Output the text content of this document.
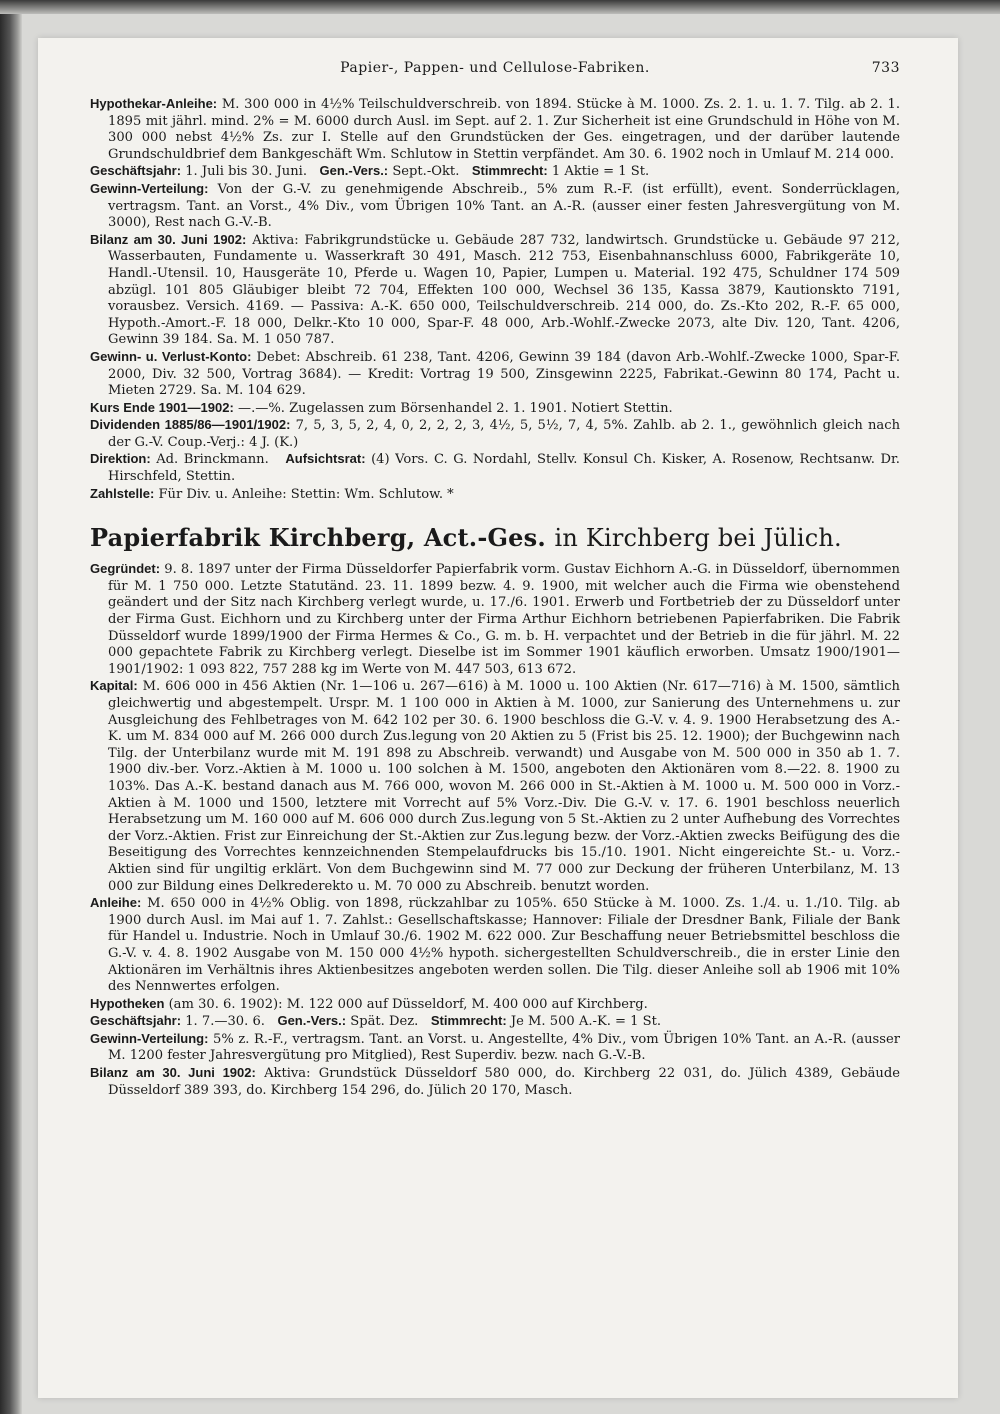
Papier-, Pappen- und Cellulose-Fabriken.	733

Hypothekar-Anleihe: M. 300 000 in 4½% Teilschuldverschreib. von 1894. Stücke à M. 1000. Zs. 2. 1. u. 1. 7. Tilg. ab 2. 1. 1895 mit jährl. mind. 2% = M. 6000 durch Ausl. im Sept. auf 2. 1. Zur Sicherheit ist eine Grundschuld in Höhe von M. 300 000 nebst 4½% Zs. zur I. Stelle auf den Grundstücken der Ges. eingetragen, und der darüber lautende Grundschuldbrief dem Bankgeschäft Wm. Schlutow in Stettin verpfändet. Am 30. 6. 1902 noch in Umlauf M. 214 000.

Geschäftsjahr: 1. Juli bis 30. Juni. Gen.-Vers.: Sept.-Okt. Stimmrecht: 1 Aktie = 1 St.

Gewinn-Verteilung: Von der G.-V. zu genehmigende Abschreib., 5% zum R.-F. (ist erfüllt), event. Sonderrücklagen, vertragsm. Tant. an Vorst., 4% Div., vom Übrigen 10% Tant. an A.-R. (ausser einer festen Jahresvergütung von M. 3000), Rest nach G.-V.-B.

Bilanz am 30. Juni 1902: Aktiva: Fabrikgrundstücke u. Gebäude 287 732, landwirtsch. Grundstücke u. Gebäude 97 212, Wasserbauten, Fundamente u. Wasserkraft 30 491, Masch. 212 753, Eisenbahnanschluss 6000, Fabrikgeräte 10, Handl.-Utensil. 10, Hausgeräte 10, Pferde u. Wagen 10, Papier, Lumpen u. Material. 192 475, Schuldner 174 509 abzügl. 101 805 Gläubiger bleibt 72 704, Effekten 100 000, Wechsel 36 135, Kassa 3879, Kautionskto 7191, vorausbez. Versich. 4169. — Passiva: A.-K. 650 000, Teilschuldverschreib. 214 000, do. Zs.-Kto 202, R.-F. 65 000, Hypoth.-Amort.-F. 18 000, Delkr.-Kto 10 000, Spar-F. 48 000, Arb.-Wohlf.-Zwecke 2073, alte Div. 120, Tant. 4206, Gewinn 39 184. Sa. M. 1 050 787.

Gewinn- u. Verlust-Konto: Debet: Abschreib. 61 238, Tant. 4206, Gewinn 39 184 (davon Arb.-Wohlf.-Zwecke 1000, Spar-F. 2000, Div. 32 500, Vortrag 3684). — Kredit: Vortrag 19 500, Zinsgewinn 2225, Fabrikat.-Gewinn 80 174, Pacht u. Mieten 2729. Sa. M. 104 629.

Kurs Ende 1901—1902: —.—%. Zugelassen zum Börsenhandel 2. 1. 1901. Notiert Stettin.

Dividenden 1885/86—1901/1902: 7, 5, 3, 5, 2, 4, 0, 2, 2, 2, 3, 4½, 5, 5½, 7, 4, 5%. Zahlb. ab 2. 1., gewöhnlich gleich nach der G.-V. Coup.-Verj.: 4 J. (K.)

Direktion: Ad. Brinckmann. Aufsichtsrat: (4) Vors. C. G. Nordahl, Stellv. Konsul Ch. Kisker, A. Rosenow, Rechtsanw. Dr. Hirschfeld, Stettin.

Zahlstelle: Für Div. u. Anleihe: Stettin: Wm. Schlutow. *

Papierfabrik Kirchberg, Act.-Ges. in Kirchberg bei Jülich.

Gegründet: 9. 8. 1897 unter der Firma Düsseldorfer Papierfabrik vorm. Gustav Eichhorn A.-G. in Düsseldorf, übernommen für M. 1 750 000. Letzte Statutänd. 23. 11. 1899 bezw. 4. 9. 1900, mit welcher auch die Firma wie obenstehend geändert und der Sitz nach Kirchberg verlegt wurde, u. 17./6. 1901. Erwerb und Fortbetrieb der zu Düsseldorf unter der Firma Gust. Eichhorn und zu Kirchberg unter der Firma Arthur Eichhorn betriebenen Papierfabriken. Die Fabrik Düsseldorf wurde 1899/1900 der Firma Hermes & Co., G. m. b. H. verpachtet und der Betrieb in die für jährl. M. 22 000 gepachtete Fabrik zu Kirchberg verlegt. Dieselbe ist im Sommer 1901 käuflich erworben. Umsatz 1900/1901—1901/1902: 1 093 822, 757 288 kg im Werte von M. 447 503, 613 672.

Kapital: M. 606 000 in 456 Aktien (Nr. 1—106 u. 267—616) à M. 1000 u. 100 Aktien (Nr. 617—716) à M. 1500, sämtlich gleichwertig und abgestempelt. Urspr. M. 1 100 000 in Aktien à M. 1000, zur Sanierung des Unternehmens u. zur Ausgleichung des Fehlbetrages von M. 642 102 per 30. 6. 1900 beschloss die G.-V. v. 4. 9. 1900 Herabsetzung des A.-K. um M. 834 000 auf M. 266 000 durch Zus.legung von 20 Aktien zu 5 (Frist bis 25. 12. 1900); der Buchgewinn nach Tilg. der Unterbilanz wurde mit M. 191 898 zu Abschreib. verwandt) und Ausgabe von M. 500 000 in 350 ab 1. 7. 1900 div.-ber. Vorz.-Aktien à M. 1000 u. 100 solchen à M. 1500, angeboten den Aktionären vom 8.—22. 8. 1900 zu 103%. Das A.-K. bestand danach aus M. 766 000, wovon M. 266 000 in St.-Aktien à M. 1000 u. M. 500 000 in Vorz.-Aktien à M. 1000 und 1500, letztere mit Vorrecht auf 5% Vorz.-Div. Die G.-V. v. 17. 6. 1901 beschloss neuerlich Herabsetzung um M. 160 000 auf M. 606 000 durch Zus.legung von 5 St.-Aktien zu 2 unter Aufhebung des Vorrechtes der Vorz.-Aktien. Frist zur Einreichung der St.-Aktien zur Zus.legung bezw. der Vorz.-Aktien zwecks Beifügung des die Beseitigung des Vorrechtes kennzeichnenden Stempelaufdrucks bis 15./10. 1901. Nicht eingereichte St.- u. Vorz.-Aktien sind für ungiltig erklärt. Von dem Buchgewinn sind M. 77 000 zur Deckung der früheren Unterbilanz, M. 13 000 zur Bildung eines Delkrederekto u. M. 70 000 zu Abschreib. benutzt worden.

Anleihe: M. 650 000 in 4½% Oblig. von 1898, rückzahlbar zu 105%. 650 Stücke à M. 1000. Zs. 1./4. u. 1./10. Tilg. ab 1900 durch Ausl. im Mai auf 1. 7. Zahlst.: Gesellschaftskasse; Hannover: Filiale der Dresdner Bank, Filiale der Bank für Handel u. Industrie. Noch in Umlauf 30./6. 1902 M. 622 000. Zur Beschaffung neuer Betriebsmittel beschloss die G.-V. v. 4. 8. 1902 Ausgabe von M. 150 000 4½% hypoth. sichergestellten Schuldverschreib., die in erster Linie den Aktionären im Verhältnis ihres Aktienbesitzes angeboten werden sollen. Die Tilg. dieser Anleihe soll ab 1906 mit 10% des Nennwertes erfolgen.

Hypotheken (am 30. 6. 1902): M. 122 000 auf Düsseldorf, M. 400 000 auf Kirchberg.

Geschäftsjahr: 1. 7.—30. 6. Gen.-Vers.: Spät. Dez. Stimmrecht: Je M. 500 A.-K. = 1 St.

Gewinn-Verteilung: 5% z. R.-F., vertragsm. Tant. an Vorst. u. Angestellte, 4% Div., vom Übrigen 10% Tant. an A.-R. (ausser M. 1200 fester Jahresvergütung pro Mitglied), Rest Superdiv. bezw. nach G.-V.-B.

Bilanz am 30. Juni 1902: Aktiva: Grundstück Düsseldorf 580 000, do. Kirchberg 22 031, do. Jülich 4389, Gebäude Düsseldorf 389 393, do. Kirchberg 154 296, do. Jülich 20 170, Masch.
